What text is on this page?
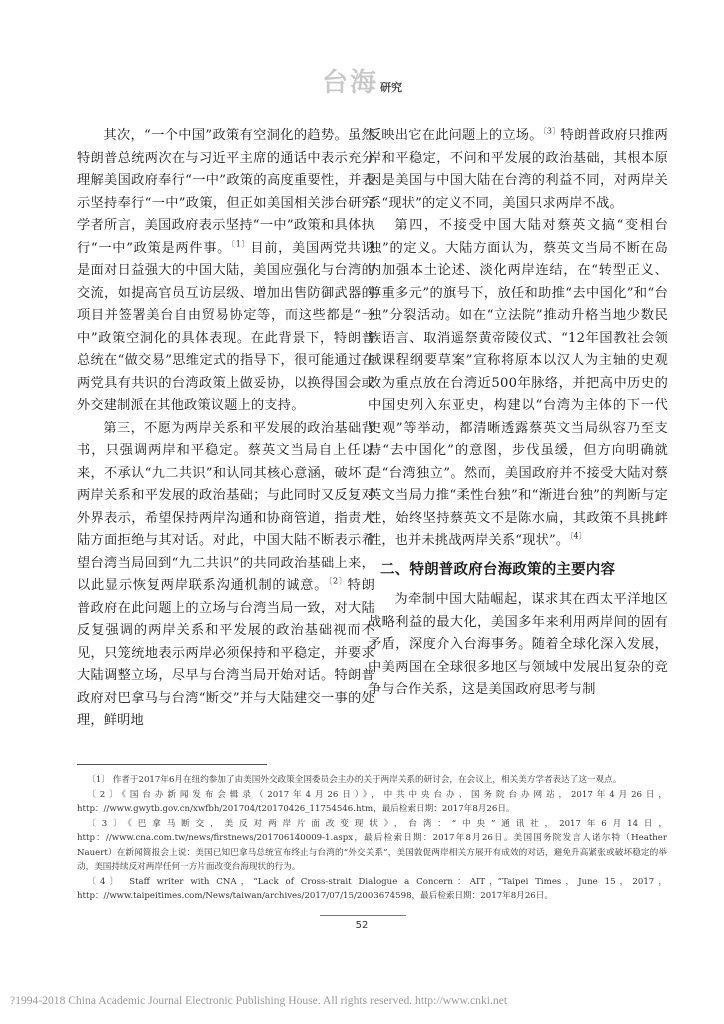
台海 研究

其次，“一个中国”政策有空洞化的趋势。虽然特朗普总统两次在与习近平主席的通话中表示充分理解美国政府奉行“一中”政策的高度重要性，并表示坚持奉行“一中”政策，但正如美国相关涉台研究学者所言，美国政府表示坚持“一中”政策和具体执行“一中”政策是两件事。$^{〔1〕}$目前，美国两党共识是面对日益强大的中国大陆，美国应强化与台湾的交流，如提高官员互访层级、增加出售防御武器的项目并签署美台自由贸易协定等，而这些都是“一中”政策空洞化的具体表现。在此背景下，特朗普总统在“做交易”思维定式的指导下，很可能通过在两党具有共识的台湾政策上做妥协，以换得国会或外交建制派在其他政策议题上的支持。

第三，不愿为两岸关系和平发展的政治基础背书，只强调两岸和平稳定。蔡英文当局自上任以来，不承认“九二共识”和认同其核心意涵，破坏了两岸关系和平发展的政治基础；与此同时又反复对外界表示，希望保持两岸沟通和协商管道，指责大陆方面拒绝与其对话。对此，中国大陆不断表示希望台湾当局回到“九二共识”的共同政治基础上来，以此显示恢复两岸联系沟通机制的诚意。$^{〔2〕}$特朗普政府在此问题上的立场与台湾当局一致，对大陆反复强调的两岸关系和平发展的政治基础视而不见，只笼统地表示两岸必须保持和平稳定，并要求大陆调整立场，尽早与台湾当局开始对话。特朗普政府对巴拿马与台湾“断交”并与大陆建交一事的处理，鲜明地

反映出它在此问题上的立场。$^{〔3〕}$特朗普政府只推两岸和平稳定，不问和平发展的政治基础，其根本原因是美国与中国大陆在台湾的利益不同，对两岸关系“现状”的定义不同，美国只求两岸不战。

第四，不接受中国大陆对蔡英文搞“变相台独”的定义。大陆方面认为，蔡英文当局不断在岛内加强本土论述、淡化两岸连结，在“转型正义、尊重多元”的旗号下，放任和助推“去中国化”和“台独”分裂活动。如在“立法院”推动升格当地少数民族语言、取消遥祭黄帝陵仪式、“12年国教社会领域课程纲要草案”宣称将原本以汉人为主轴的史观改为重点放在台湾近500年脉络，并把高中历史的中国史列入东亚史，构建以“台湾为主体的下一代史观”等举动，都清晰透露蔡英文当局纵容乃至支持“去中国化”的意图，步伐虽缓，但方向明确就是“台湾独立”。然而，美国政府并不接受大陆对蔡英文当局力推“柔性台独”和“渐进台独”的判断与定性，始终坚持蔡英文不是陈水扁，其政策不具挑衅性，也并未挑战两岸关系“现状”。$^{〔4〕}$

二、特朗普政府台海政策的主要内容

为牵制中国大陆崛起，谋求其在西太平洋地区战略利益的最大化，美国多年来利用两岸间的固有矛盾，深度介入台海事务。随着全球化深入发展，中美两国在全球很多地区与领域中发展出复杂的竞争与合作关系，这是美国政府思考与制

〔1〕 作者于2017年6月在纽约参加了由美国外交政策全国委员会主办的关于两岸关系的研讨会，在会议上，相关美方学者表达了这一观点。

〔2〕《国台办新闻发布会辑录（2017年4月26日）》，中共中央台办、国务院台办网站，2017年4月26日，http：//www.gwytb.gov.cn/xwfbh/201704/t20170426_11754546.htm，最后检索日期：2017年8月26日。

〔3〕《巴拿马断交，美反对两岸片面改变现状》，台湾：“中央”通讯社，2017年6月14日，http：//www.cna.com.tw/news/firstnews/201706140009-1.aspx，最后检索日期：2017年8月26日。美国国务院发言人诺尔特（Heather Nauert）在新闻简报会上说：美国已知巴拿马总统宣布终止与台湾的“外交关系”，美国敦促两岸相关方展开有成效的对话，避免升高紧张或破坏稳定的举动，美国持续反对两岸任何一方片面改变台海现状的行为。

〔4〕 Staff writer with CNA，“Lack of Cross-strait Dialogue a Concern：AIT，”Taipei Times，June 15，2017，http：//www.taipeitimes.com/News/taiwan/archives/2017/07/15/2003674598，最后检索日期：2017年8月26日。

52
?1994-2018 China Academic Journal Electronic Publishing House. All rights reserved. http://www.cnki.net
